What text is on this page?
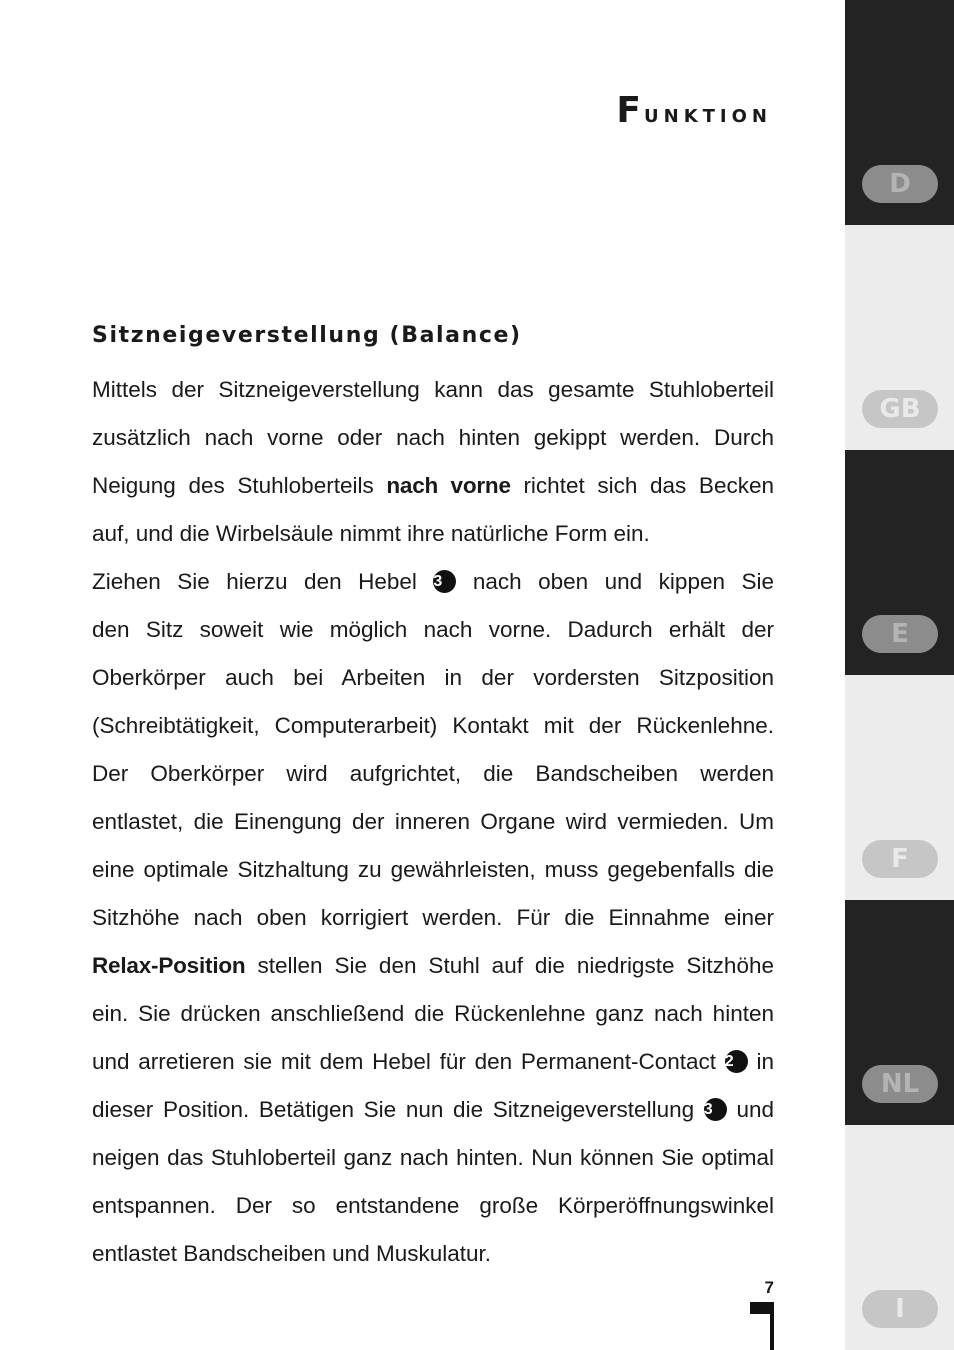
Funktion
Sitzneigeverstellung (Balance)
Mittels der Sitzneigeverstellung kann das gesamte Stuhloberteil
zusätzlich nach vorne oder nach hinten gekippt werden. Durch
Neigung des Stuhloberteils nach vorne richtet sich das Becken
auf, und die Wirbelsäule nimmt ihre natürliche Form ein.
Ziehen Sie hierzu den Hebel 3 nach oben und kippen Sie
den Sitz soweit wie möglich nach vorne. Dadurch erhält der
Oberkörper auch bei Arbeiten in der vordersten Sitzposition
(Schreibtätigkeit, Computerarbeit) Kontakt mit der Rückenlehne.
Der Oberkörper wird aufgrichtet, die Bandscheiben werden
entlastet, die Einengung der inneren Organe wird vermieden. Um
eine optimale Sitzhaltung zu gewährleisten, muss gegebenfalls die
Sitzhöhe nach oben korrigiert werden. Für die Einnahme einer
Relax-Position stellen Sie den Stuhl auf die niedrigste Sitzhöhe
ein. Sie drücken anschließend die Rückenlehne ganz nach hinten
und arretieren sie mit dem Hebel für den Permanent-Contact 2 in
dieser Position. Betätigen Sie nun die Sitzneigeverstellung 3 und
neigen das Stuhloberteil ganz nach hinten. Nun können Sie optimal
entspannen. Der so entstandene große Körperöffnungswinkel
entlastet Bandscheiben und Muskulatur.
D
GB
E
F
NL
I
7
